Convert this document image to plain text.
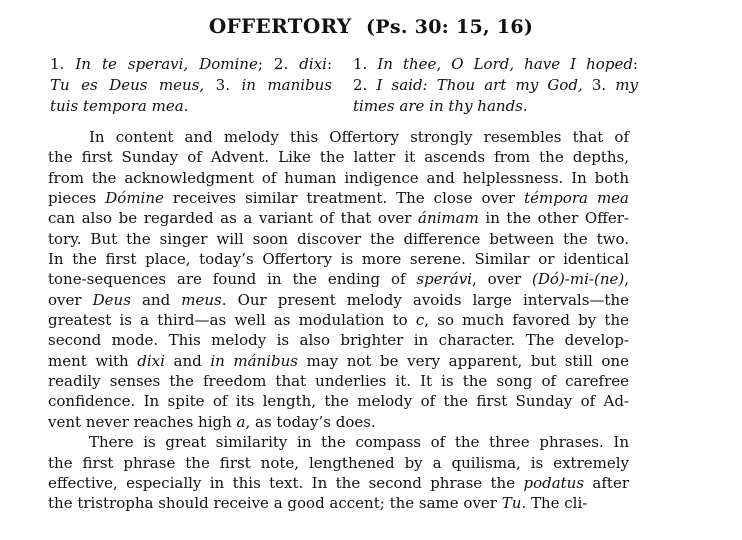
OFFERTORY (Ps. 30: 15, 16)
1. In te speravi, Domine; 2. dixi:
Tu es Deus meus, 3. in manibus
tuis tempora mea.
1. In thee, O Lord, have I hoped:
2. I said: Thou art my God, 3. my
times are in thy hands.
In content and melody this Offertory strongly resembles that of
the first Sunday of Advent. Like the latter it ascends from the depths,
from the acknowledgment of human indigence and helplessness. In both
pieces Dómine receives similar treatment. The close over témpora mea
can also be regarded as a variant of that over ánimam in the other Offer-
tory. But the singer will soon discover the difference between the two.
In the first place, today’s Offertory is more serene. Similar or identical
tone-sequences are found in the ending of sperávi, over (Dó)-mi-(ne),
over Deus and meus. Our present melody avoids large intervals—the
greatest is a third—as well as modulation to c, so much favored by the
second mode. This melody is also brighter in character. The develop-
ment with dixi and in mánibus may not be very apparent, but still one
readily senses the freedom that underlies it. It is the song of carefree
confidence. In spite of its length, the melody of the first Sunday of Ad-
vent never reaches high a, as today’s does.
There is great similarity in the compass of the three phrases. In
the first phrase the first note, lengthened by a quilisma, is extremely
effective, especially in this text. In the second phrase the podatus after
the tristropha should receive a good accent; the same over Tu. The cli-
